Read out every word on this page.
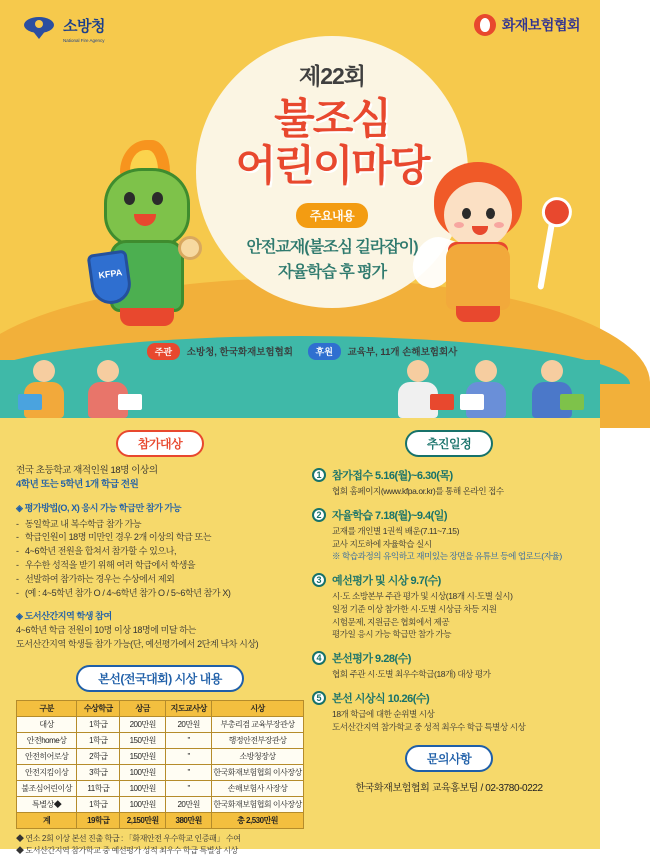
소방청
National Fire Agency
화재보험협회
제22회
불조심
어린이마당
주요내용
안전교재(불조심 길라잡이)
자율학습 후 평가
KFPA
주관 소방청, 한국화재보험협회	후원 교육부, 11개 손해보험회사
참가대상
전국 초등학교 재적인원 18명 이상의
4학년 또는 5학년 1개 학급 전원
◈ 평가방법(O, X) 응시 가능 학급만 참가 가능
- 동일학교 내 복수학급 참가 가능
- 학급인원이 18명 미만인 경우 2개 이상의 학급 또는
- 4~6학년 전원을 합쳐서 참가할 수 있으나,
- 우수한 성적을 받기 위해 여러 학급에서 학생을
- 선발하여 참가하는 경우는 수상에서 제외
- (예 : 4~5학년 참가 O / 4~6학년 참가 O / 5~6학년 참가 X)
◈ 도서산간지역 학생 참여
4~6학년 학급 전원이 10명 이상 18명에 미달 하는
도서산간지역 학생들 참가 가능(단, 예선평가에서 2단계 낙차 시상)
본선(전국대회) 시상 내용
구분	수상학급	상금	지도교사상	시상
대상	1학급	200만원	20만원	부총리겸 교육부장관상
안전home상	1학급	150만원	"	행정안전부장관상
안전히어로상	2학급	150만원	"	소방청장상
안전지킴이상	3학급	100만원	"	한국화재보험협회 이사장상
불조심어린이상	11학급	100만원	"	손해보험사 사장상
특별상◆	1학급	100만원	20만원	한국화재보험협회 이사장상
계	19학급	2,150만원	380만원	총 2,530만원
◆ 연소 2회 이상 본선 진출 학급 : 「화재안전 우수학교 인증패」 수여
◆ 도서산간지역 참가학교 중 예선평가 성적 최우수 학급 특별상 시상
추진일정
1 참가접수 5.16(월)~6.30(목)
협회 홈페이지(www.kfpa.or.kr)를 통해 온라인 접수
2 자율학습 7.18(월)~9.4(일)
교재를 개인별 1권씩 배운(7.11~7.15)
교사 지도하에 자율학습 실시
※ 학습과정의 유익하고 재미있는 장면을 유튜브 등에 업로드(자율)
3 예선평가 및 시상 9.7(수)
시·도 소방본부 주관 평가 및 시상(18개 시·도별 실시)
일정 기준 이상 참가한 시·도별 시상금 차등 지원
시험문제, 지원금은 협회에서 제공
평가일 응시 가능 학급만 참가 가능
4 본선평가 9.28(수)
협회 주관 시·도별 최우수학급(18개) 대상 평가
5 본선 시상식 10.26(수)
18개 학급에 대한 순위별 시상
도서산간지역 참가학교 중 성적 최우수 학급 특별상 시상
문의사항
한국화재보험협회 교육홍보팀 / 02-3780-0222
